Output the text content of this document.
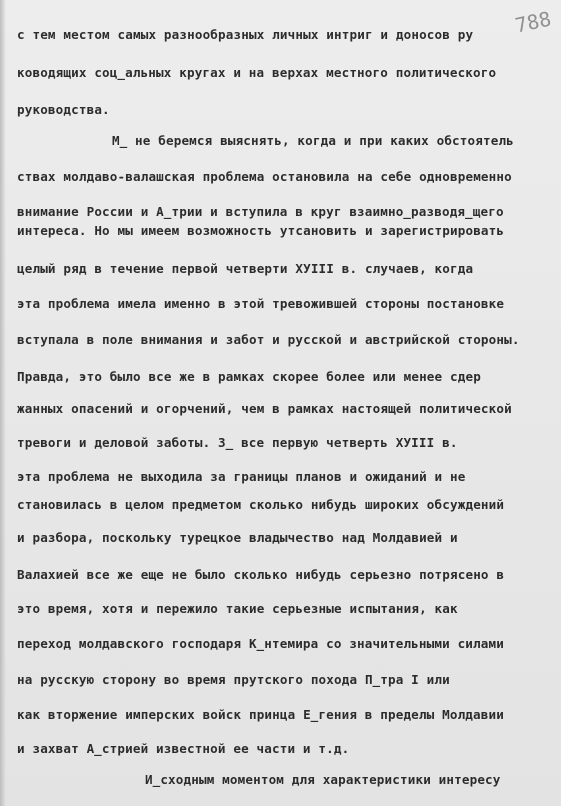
788
с тем местом самых разнообразных личных интриг и доносов ру
ководящих соц̲альных кругах и на верхах местного политического
руководства.
М̲ не беремся выяснять, когда и при каких обстоятель
ствах молдаво-валашская проблема остановила на себе одновременно
внимание России и А̲трии и вступила в круг взаимно̲разводя̲щего
интереса. Но мы имеем возможность утсановить и зарегистрировать
целый ряд в течение первой четверти XУIII в. случаев, когда
эта проблема имела именно в этой тревожившей стороны постановке
вступала в поле внимания и забот и русской и австрийской стороны.
Правда, это было все же в рамках скорее более или менее сдер
жанных опасений и огорчений, чем в рамках настоящей политической
тревоги и деловой заботы. З̲ все первую четверть XУIII в.
эта проблема не выходила за границы планов и ожиданий и не
становилась в целом предметом сколько нибудь широких обсуждений
и разбора, поскольку турецкое владычество над Молдавией и
Валахией все же еще не было сколько нибудь серьезно потрясено в
это время, хотя и пережило такие серьезные испытания, как
переход молдавского господаря К̲нтемира со значительными силами
на русскую сторону во время прутского похода П̲тра I или
как вторжение имперских войск принца Е̲гения в пределы Молдавии
и захват А̲стрией известной ее части и т.д.
И̲сходным моментом для характеристики интересу
